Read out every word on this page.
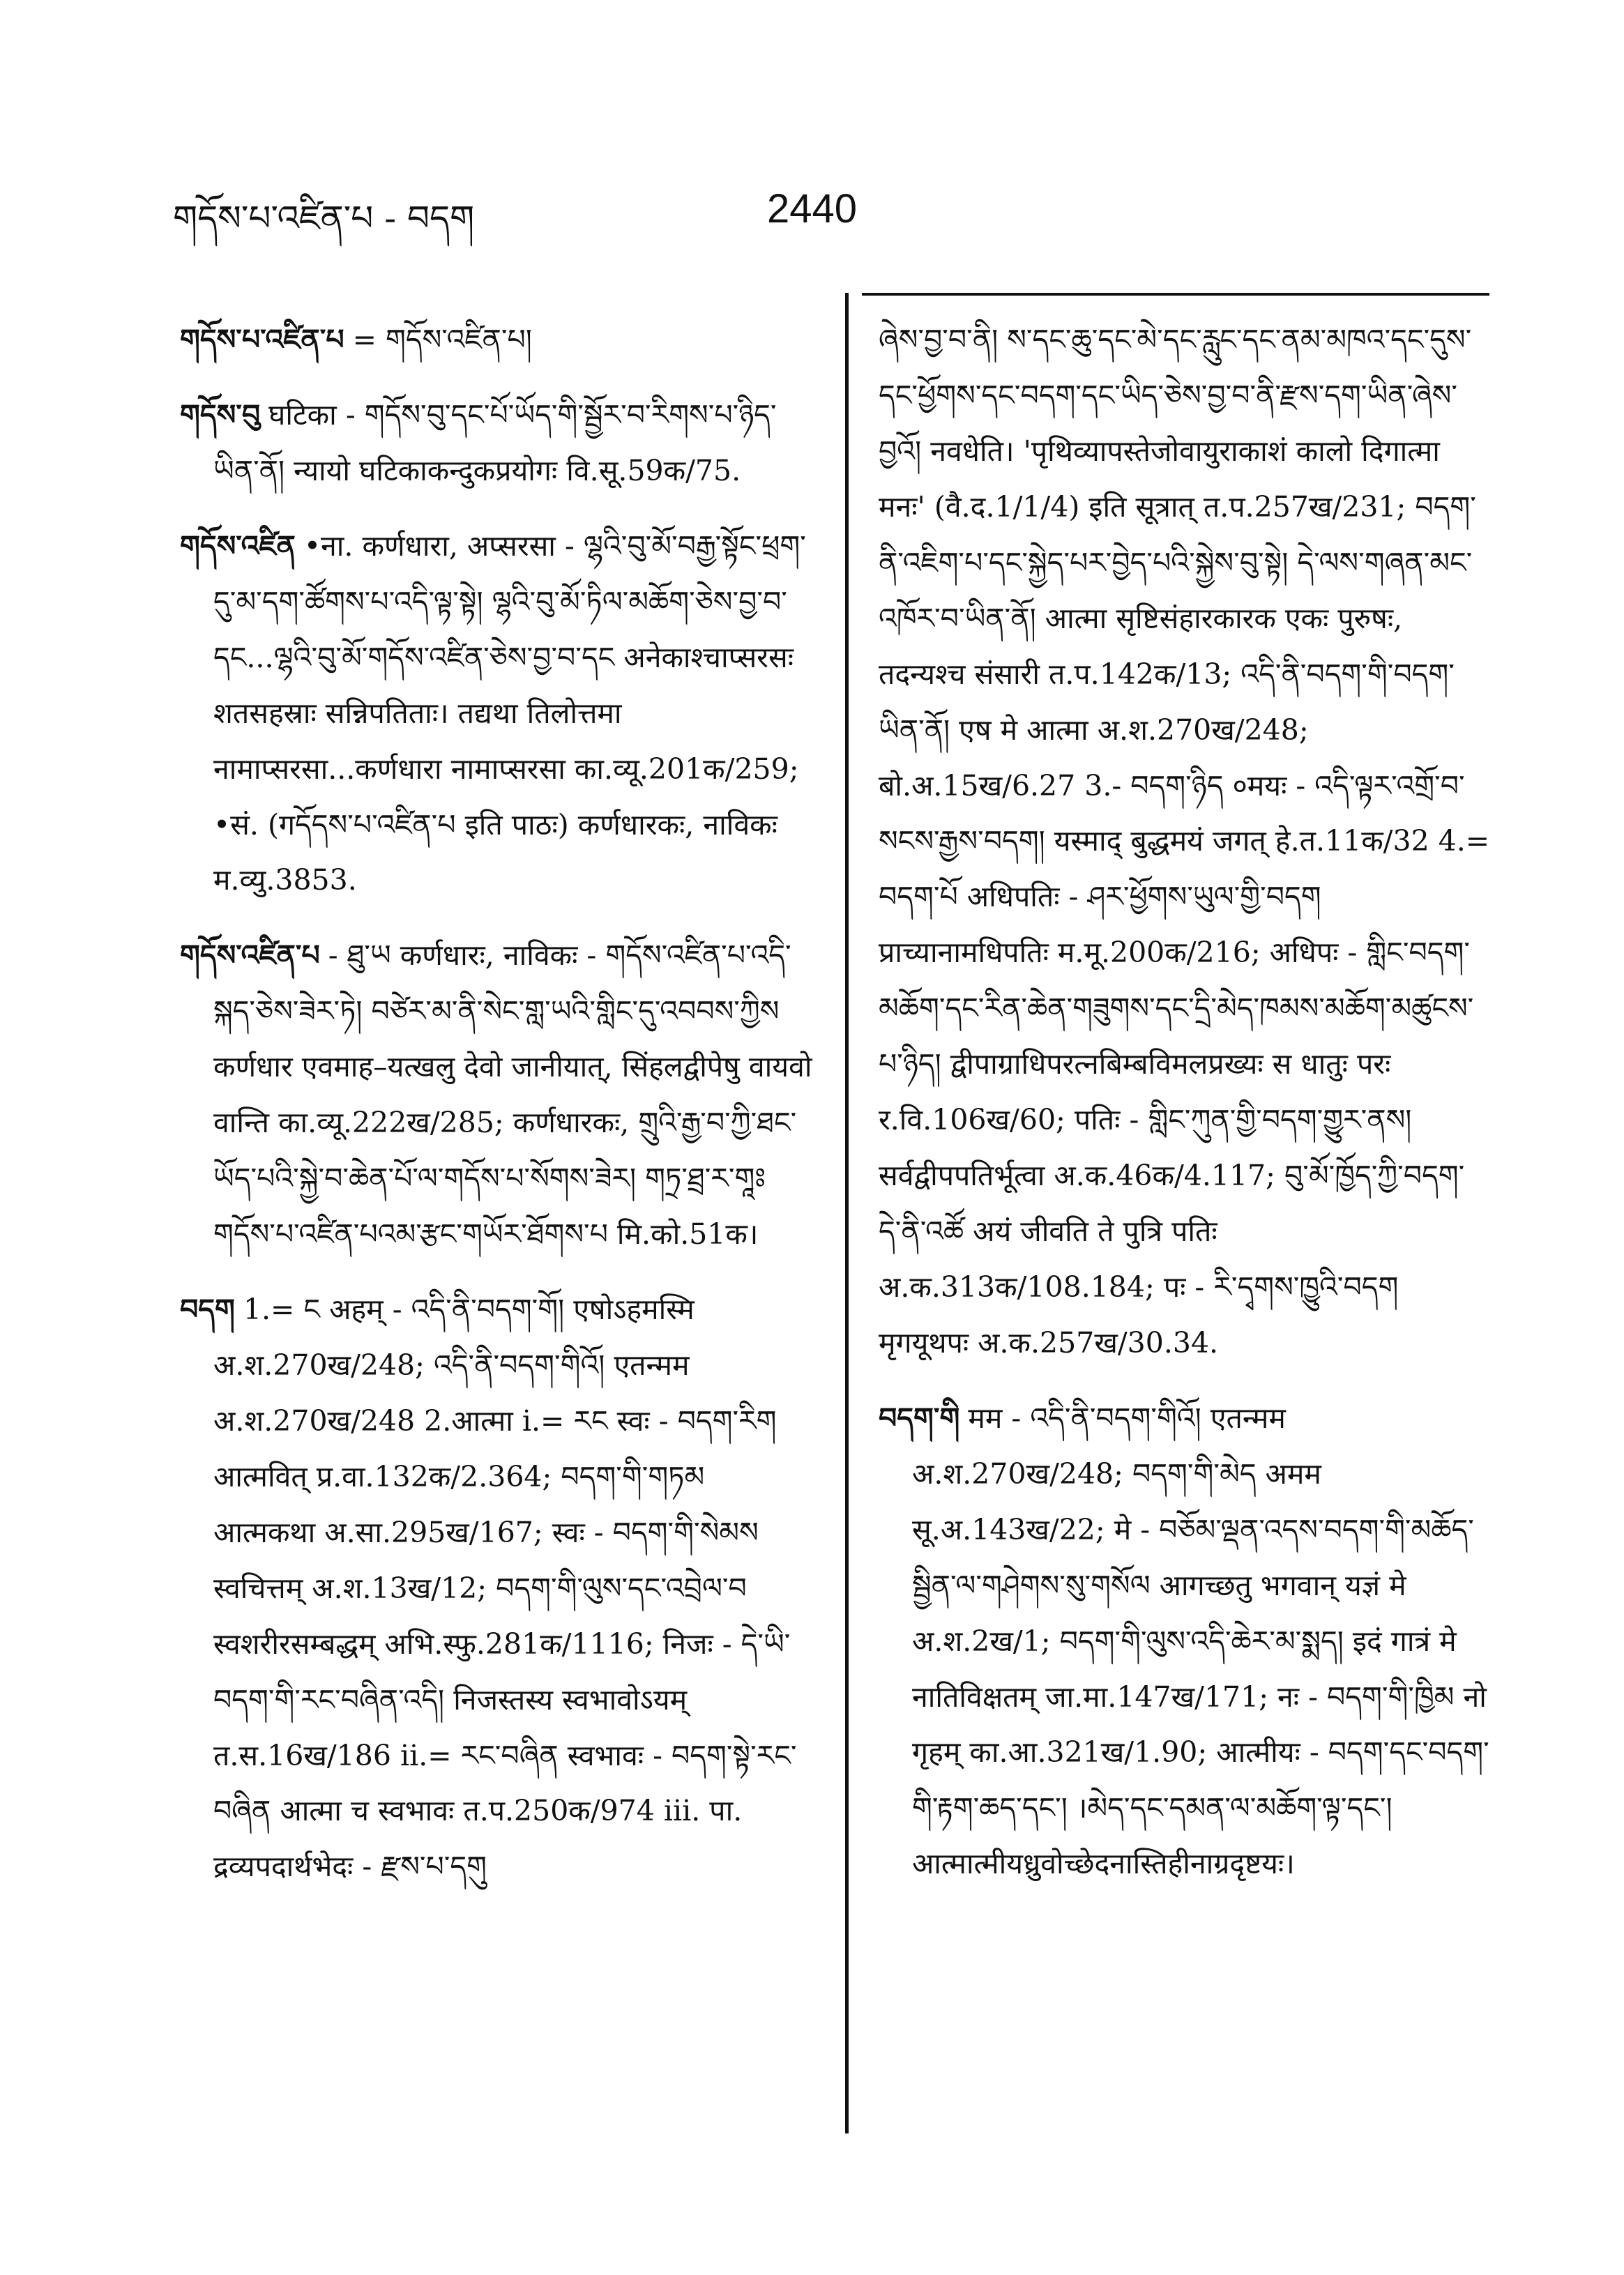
གདོས་པ་འཛིན་པ - བདག	2440

གདོས་པ་འཛིན་པ = གདོས་འཛིན་པ།

གདོས་བུ घटिका - གདོས་བུ་དང་པོ་ཡོད་གི་སྦྱོར་བ་རིགས་པ་ཉིད་ཡིན་ནོ། न्यायो घटिकाकन्दुकप्रयोगः वि.सू.59क/75.

གདོས་འཛིན •ना. कर्णधारा, अप्सरसा - ལྷའི་བུ་མོ་བརྒྱ་སྟོང་ཕྲག་དུ་མ་དག་ཚོགས་པ་འདི་ལྟ་སྟེ། ལྷའི་བུ་མོ་ཏིལ་མཆོག་ཅེས་བྱ་བ་དང...ལྷའི་བུ་མོ་གདོས་འཛིན་ཅེས་བྱ་བ་དང अनेकाश्चाप्सरसः शतसहस्राः सन्निपतिताः। तद्यथा तिलोत्तमा नामाप्सरसा...कर्णधारा नामाप्सरसा का.व्यू.201क/259; •सं. (गདོདས་པ་འཛིན་པ इति पाठः) कर्णधारकः, नाविकः म.व्यु.3853.

གདོས་འཛིན་པ - ཐུ་ཡ कर्णधारः, नाविकः - གདོས་འཛིན་པ་འདི་སྐད་ཅེས་ཟེར་ཏེ། བཙེར་མ་ནི་སེང་གླ་ཡའི་གླིང་དུ་འབབས་ཀྱིས कर्णधार एवमाह–यत्खलु देवो जानीयात्, सिंहलद्वीपेषु वायवो वान्ति का.व्यू.222ख/285; कर्णधारकः, གྲུའི་རྒྱ་བ་ཀྱི་ཐང་ཡོད་པའི་སྐྱེ་བ་ཆེན་པོ་ལ་གདོས་པ་སོགས་ཟེར། གཏྲ་ཐྲ་ར་གཱཿ གདོས་པ་འཛིན་པའམ་རྩང་གཡོར་ཐོགས་པ मि.को.51क।

བདག 1.= ང अहम् - འདི་ནི་བདག་གོ། एषोऽहमस्मि अ.श.270ख/248; འདི་ནི་བདག་གིའོ། एतन्मम अ.श.270ख/248 2.आत्मा i.= རང स्वः - བདག་རིག आत्मवित् प्र.वा.132क/2.364; བདག་གི་གཏམ आत्मकथा अ.सा.295ख/167; स्वः - བདག་གི་སེམས स्वचित्तम् अ.श.13ख/12; བདག་གི་ལུས་དང་འབྲེལ་བ स्वशरीरसम्बद्धम् अभि.स्फु.281क/1116; निजः - དེ་ཡི་བདག་གི་རང་བཞིན་འདི། निजस्तस्य स्वभावोऽयम् त.स.16ख/186 ii.= རང་བཞིན स्वभावः - བདག་སྟེ་རང་བཞིན आत्मा च स्वभावः त.प.250क/974 iii. पा. द्रव्यपदार्थभेदः - རྫས་པ་དགུ

ཞེས་བྱ་བ་ནི། ས་དང་ཆུ་དང་མེ་དང་རླུང་དང་ནམ་མཁའ་དང་དུས་དང་ཕྱོགས་དང་བདག་དང་ཡིད་ཅེས་བྱ་བ་ནི་རྫས་དག་ཡིན་ཞེས་བྱའོ། नवधेति। 'पृथिव्यापस्तेजोवायुराकाशं कालो दिगात्मा मनः' (वै.द.1/1/4) इति सूत्रात् त.प.257ख/231; བདག་ནི་འཇིག་པ་དང་སྐྱེད་པར་བྱེད་པའི་སྐྱེས་བུ་སྟེ། དེ་ལས་གཞན་མང་འཁོར་བ་ཡིན་ནོ། आत्मा सृष्टिसंहारकारक एकः पुरुषः, तदन्यश्च संसारी त.प.142क/13; འདི་ནི་བདག་གི་བདག་ཡིན་ནོ། एष मे आत्मा अ.श.270ख/248; बो.अ.15ख/6.27 3.- བདག་ཉིད ०मयः - འདི་ལྟར་འགྲོ་བ་སངས་རྒྱས་བདག། यस्माद् बुद्धमयं जगत् हे.त.11क/32 4.= བདག་པོ अधिपतिः - ཤར་ཕྱོགས་ཡུལ་གྱི་བདག प्राच्यानामधिपतिः म.मू.200क/216; अधिपः - གླིང་བདག་མཆོག་དང་རིན་ཆེན་གཟུགས་དང་དྲི་མེད་ཁམས་མཆོག་མཚུངས་པ་ཉིད། द्वीपाग्राधिपरत्नबिम्बविमलप्रख्यः स धातुः परः र.वि.106ख/60; पतिः - གླིང་ཀུན་གྱི་བདག་གྱུར་ནས། सर्वद्वीपपतिर्भूत्वा अ.क.46क/4.117; བུ་མོ་ཁྱོད་ཀྱི་བདག་ དེ་ནི་འཚོ अयं जीवति ते पुत्रि पतिः अ.क.313क/108.184; पः - རི་དྭགས་ཁྱུའི་བདག मृगयूथपः अ.क.257ख/30.34.

བདག་གི मम - འདི་ནི་བདག་གིའོ། एतन्मम अ.श.270ख/248; བདག་གི་མེད अमम सू.अ.143ख/22; मे - བཅོམ་ལྡན་འདས་བདག་གི་མཆོད་སྦྱིན་ལ་གཤེགས་སུ་གསོལ आगच्छतु भगवान् यज्ञं मे अ.श.2ख/1; བདག་གི་ལུས་འདི་ཆེར་མ་སྨད། इदं गात्रं मे नातिविक्षतम् जा.मा.147ख/171; नः - བདག་གི་ཁྱིམ नो गृहम् का.आ.321ख/1.90; आत्मीयः - བདག་དང་བདག་གི་རྟག་ཆད་དང་། ।མེད་དང་དམན་ལ་མཆོག་ལྟ་དང་། आत्मात्मीयध्रुवोच्छेदनास्तिहीनाग्रदृष्टयः।
